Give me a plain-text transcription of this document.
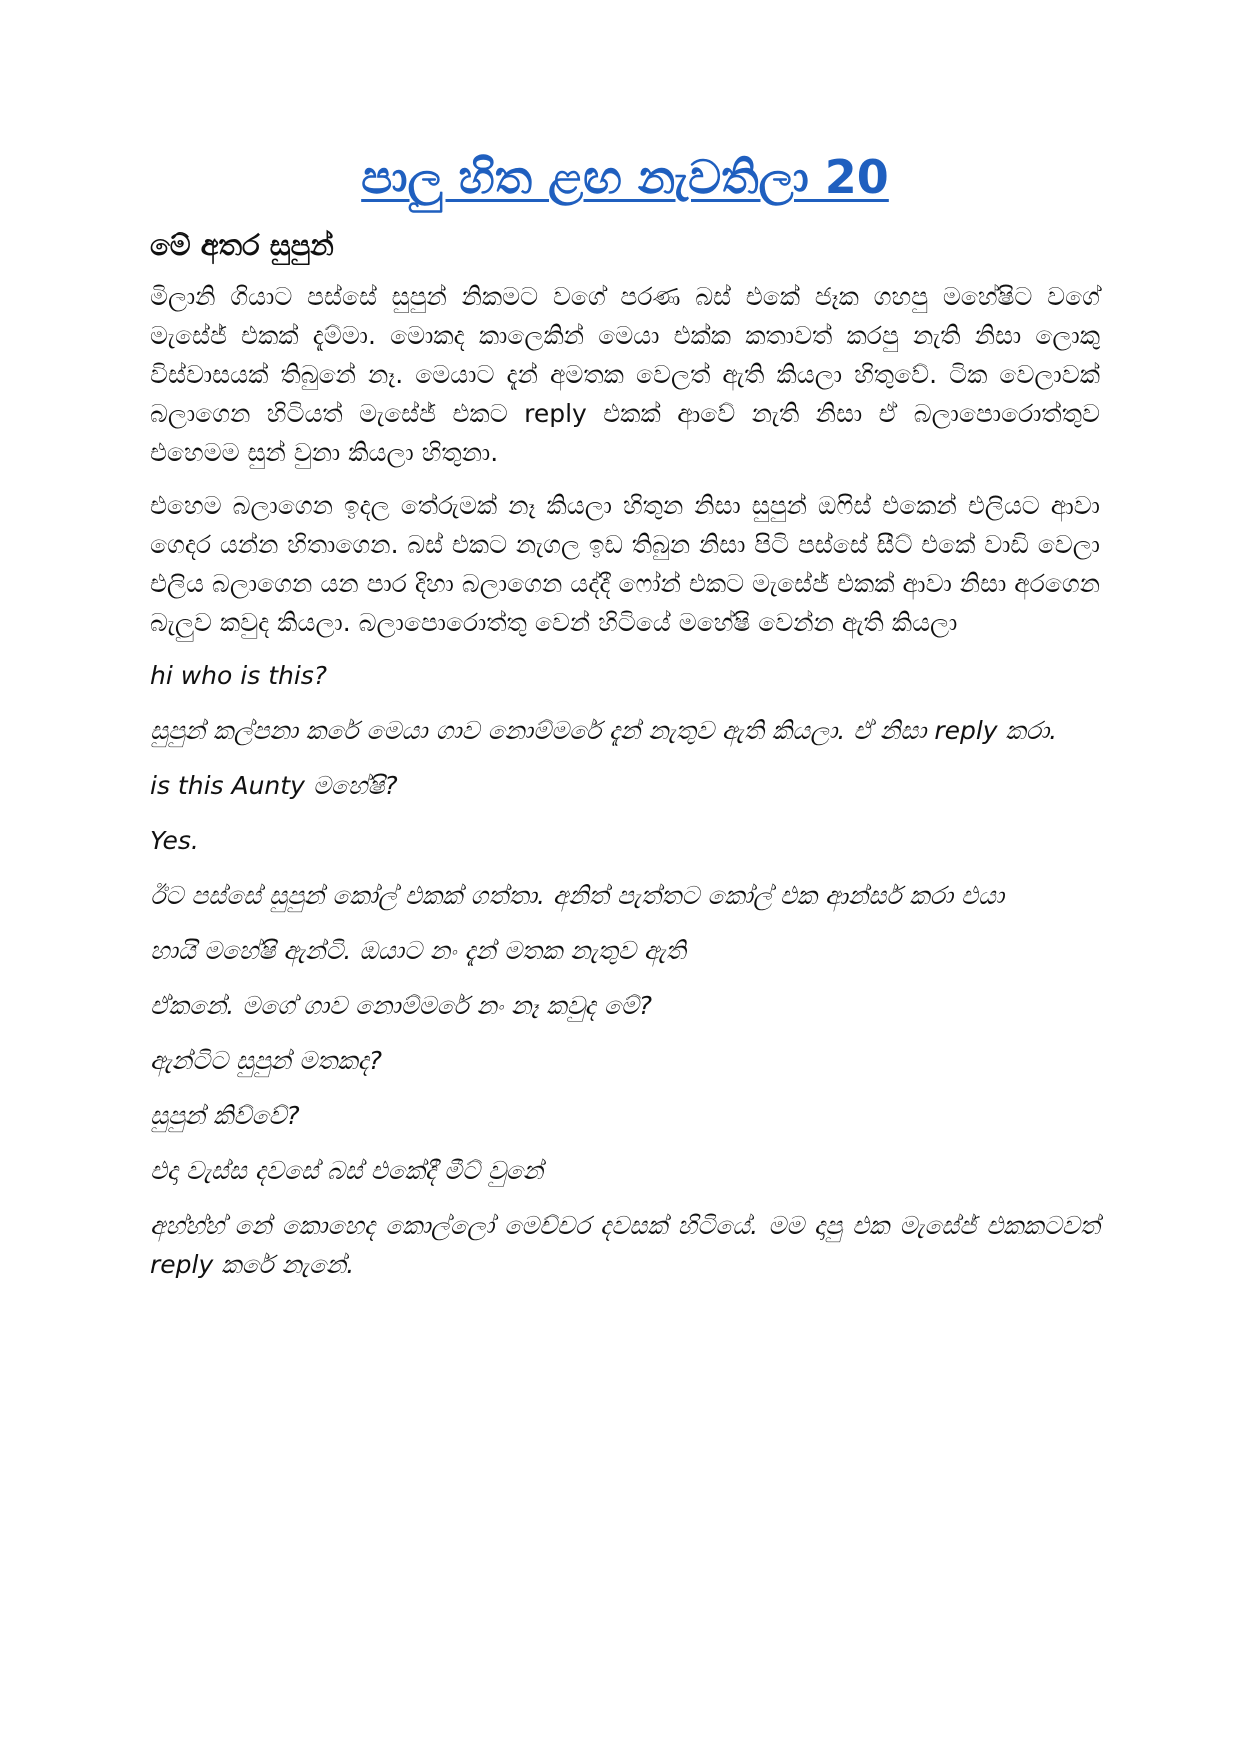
පාලු හිත ළඟ නැවතිලා 20
මේ අතර සුපුන්

මිලානි ගියාට පස්සේ සුපුන් නිකමට වගේ පරණ බස් එකේ ජෑක ගහපු මහේෂිට වගේ මැසේජ් එකක් දැම්මා. මොකද කාලෙකින් මෙයා එක්ක කතාවත් කරපු නැති නිසා ලොකු විස්වාසයක් තිබුනේ නෑ. මෙයාට දැන් අමතක වෙලත් ඇති කියලා හිතුවේ. ටික වෙලාවක් බලාගෙන හිටියත් මැසේජ් එකට reply එකක් ආවේ නැති නිසා ඒ බලාපොරොත්තුව එහෙමම සුන් වුනා කියලා හිතුනා.

එහෙම බලාගෙන ඉදල තේරුමක් නෑ කියලා හිතුන නිසා සුපුන් ඔෆිස් එකෙන් එලියට ආවා ගෙදර යන්න හිතාගෙන. බස් එකට නැගල ඉඩ තිබුන නිසා පිටි පස්සේ සීට් එකේ වාඩි වෙලා එලිය බලාගෙන යන පාර දිහා බලාගෙන යද්දී ෆෝන් එකට මැසේජ් එකක් ආවා නිසා අරගෙන බැලුව කවුද කියලා. බලාපොරොත්තු වෙන් හිටියේ මහේෂි වෙන්න ඇති කියලා

hi who is this?

සුපුන් කල්පනා කරේ මෙයා ගාව නොම්මරේ දැන් නැතුව ඇති කියලා. ඒ නිසා reply කරා.

is this Aunty මහේෂි?

Yes.

ඊට පස්සේ සුපුන් කෝල් එකක් ගත්තා. අනිත් පැත්තට කෝල් එක ආන්සර් කරා එයා

හායි මහේෂි ඇන්ටි. ඔයාට නං දැන් මතක නැතුව ඇති

ඒකනේ. මගේ ගාව නොම්මරේ නං නෑ කවුද මේ?

ඇන්ටිට සුපුන් මතකද?

සුපුන් කිව්වේ?

එදා වැස්ස දවසේ බස් එකේදී මීට් වුනේ

අහ්හ්හ් නේ කොහෙද කොල්ලෝ මෙච්චර දවසක් හිටියේ. මම දාපු එක මැසේජ් එකකටවත් reply කරේ නැනේ.
